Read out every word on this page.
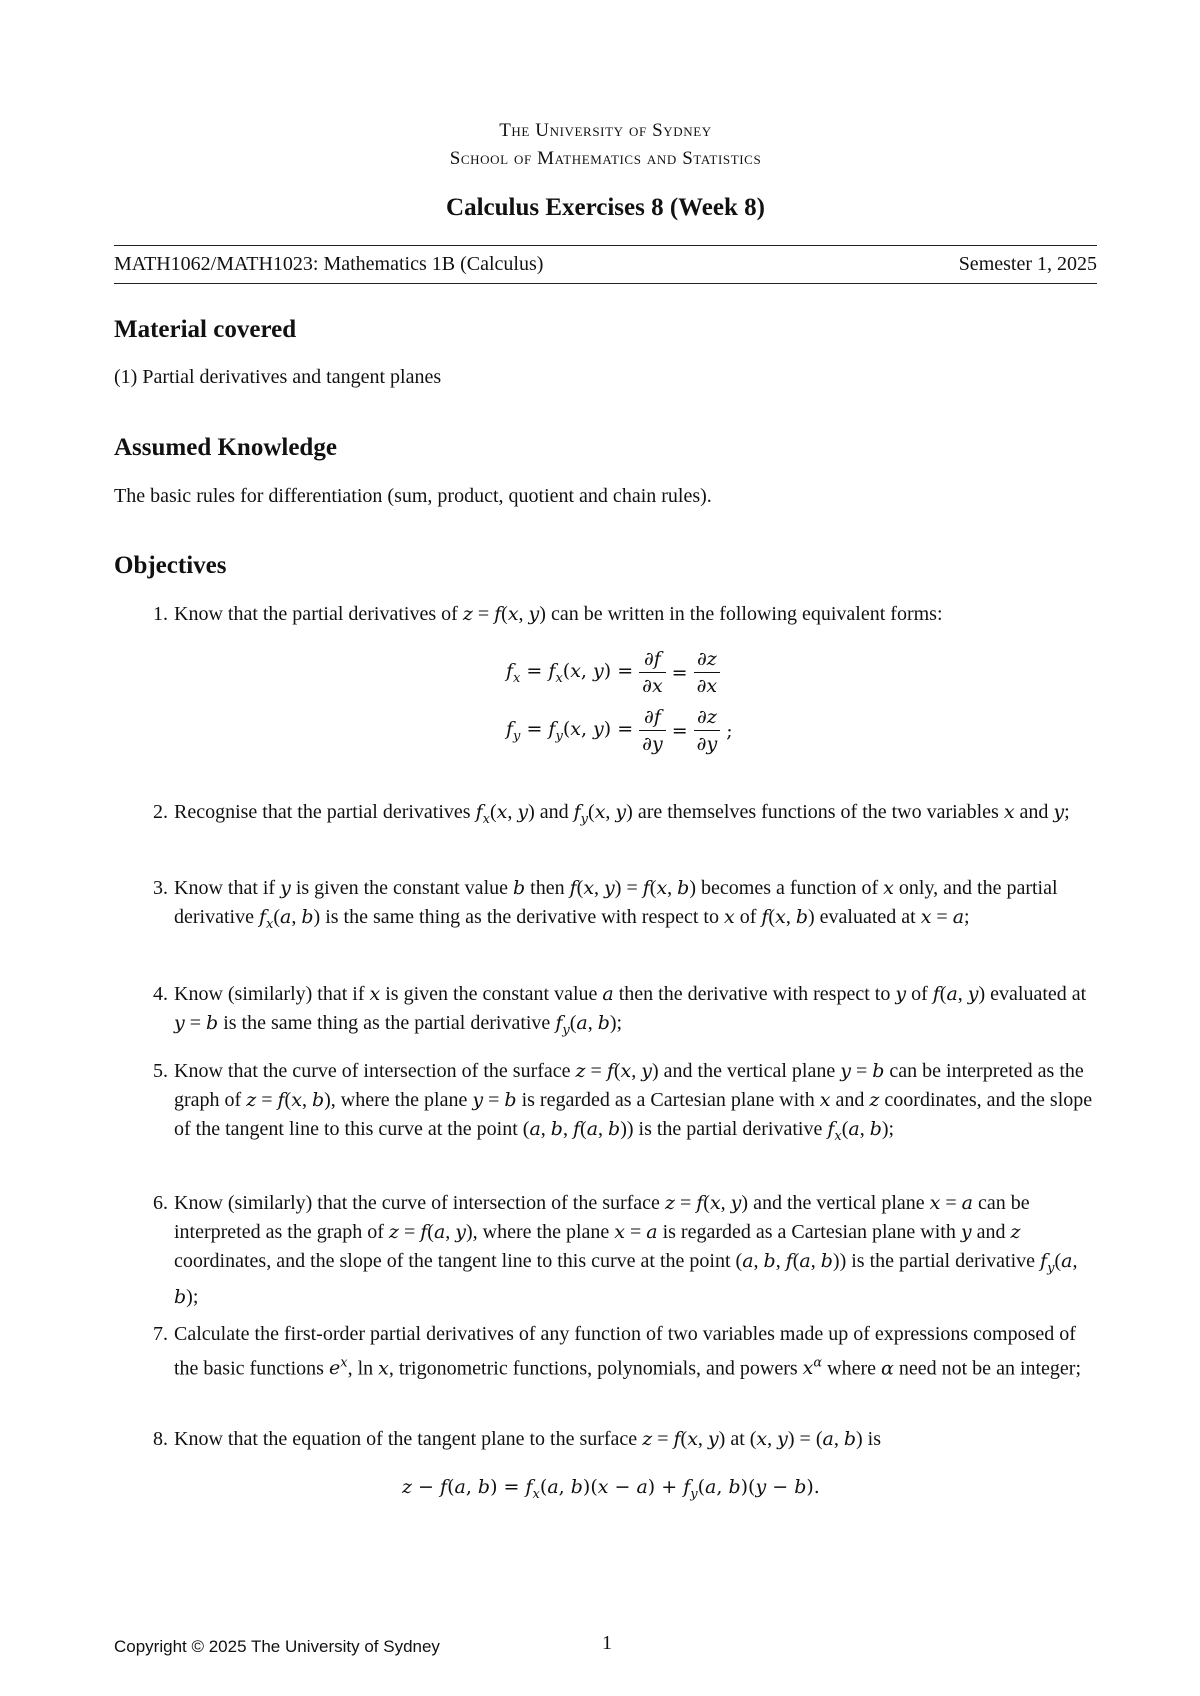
The University of Sydney
School of Mathematics and Statistics
Calculus Exercises 8 (Week 8)
MATH1062/MATH1023: Mathematics 1B (Calculus)	Semester 1, 2025
Material covered

(1) Partial derivatives and tangent planes

Assumed Knowledge

The basic rules for differentiation (sum, product, quotient and chain rules).

Objectives
1. Know that the partial derivatives of z = f(x, y) can be written in the following equivalent forms:
$f_x = f_x(x$, $y) = \frac{\partial f}{\partial x} = \frac{\partial z}{\partial x}$
$f_y = f_y(x$, $y) = \frac{\partial f}{\partial y} = \frac{\partial z}{\partial y}$ ;
2. Recognise that the partial derivatives $f_x(x$, y) and $f_y(x$, y) are themselves functions of the two variables x and y;
3. Know that if y is given the constant value b then f(x, y) = f(x, b) becomes a function of x only, and the partial derivative $f_x(a$, b) is the same thing as the derivative with respect to x of f(x, b) evaluated at x = a;
4. Know (similarly) that if x is given the constant value a then the derivative with respect to y of f(a, y) evaluated at y = b is the same thing as the partial derivative $f_y(a$, b);
5. Know that the curve of intersection of the surface z = f(x, y) and the vertical plane y = b can be interpreted as the graph of z = f(x, b), where the plane y = b is regarded as a Cartesian plane with x and z coordinates, and the slope of the tangent line to this curve at the point (a, b, f(a, b)) is the partial derivative $f_x(a$, b);
6. Know (similarly) that the curve of intersection of the surface z = f(x, y) and the vertical plane x = a can be interpreted as the graph of z = f(a, y), where the plane x = a is regarded as a Cartesian plane with y and z coordinates, and the slope of the tangent line to this curve at the point (a, b, f(a, b)) is the partial derivative $f_y(a$, b);
7. Calculate the first-order partial derivatives of any function of two variables made up of expressions composed of the basic functions $e^x$, ln x, trigonometric functions, polynomials, and powers $x^\alpha$ where α need not be an integer;
8. Know that the equation of the tangent plane to the surface z = f(x, y) at (x, y) = (a, b) is
z − f(a, $b) = f_x(a$, $b)(x - a) + f_y(a$, b)(y − b).
Copyright © 2025 The University of Sydney	1
